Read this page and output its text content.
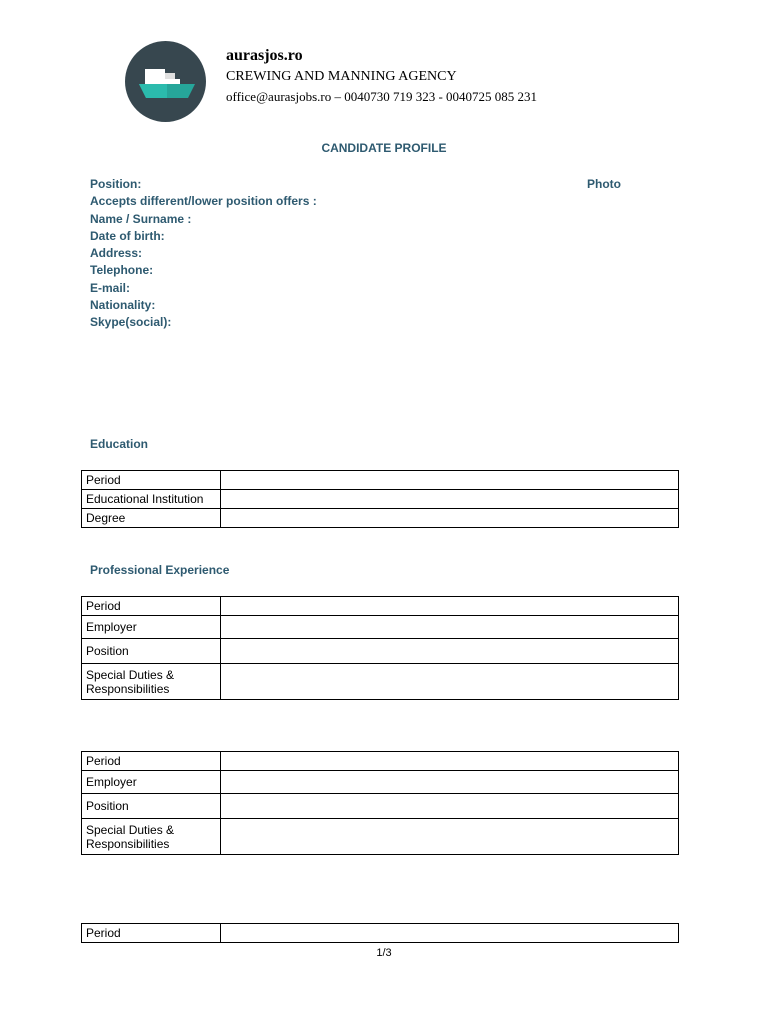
aurasjos.ro
CREWING AND MANNING AGENCY
office@aurasjobs.ro – 0040730 719 323 - 0040725 085 231
CANDIDATE PROFILE
Position:
Accepts different/lower position offers :
Name / Surname :
Date of birth:
Address:
Telephone:
E-mail:
Nationality:
Skype(social):
Photo
Education
Period	
Educational Institution	
Degree	
Professional Experience
Period	
Employer	
Position	
Special Duties & Responsibilities	
Period	
Employer	
Position	
Special Duties & Responsibilities	
Period	
1/3
